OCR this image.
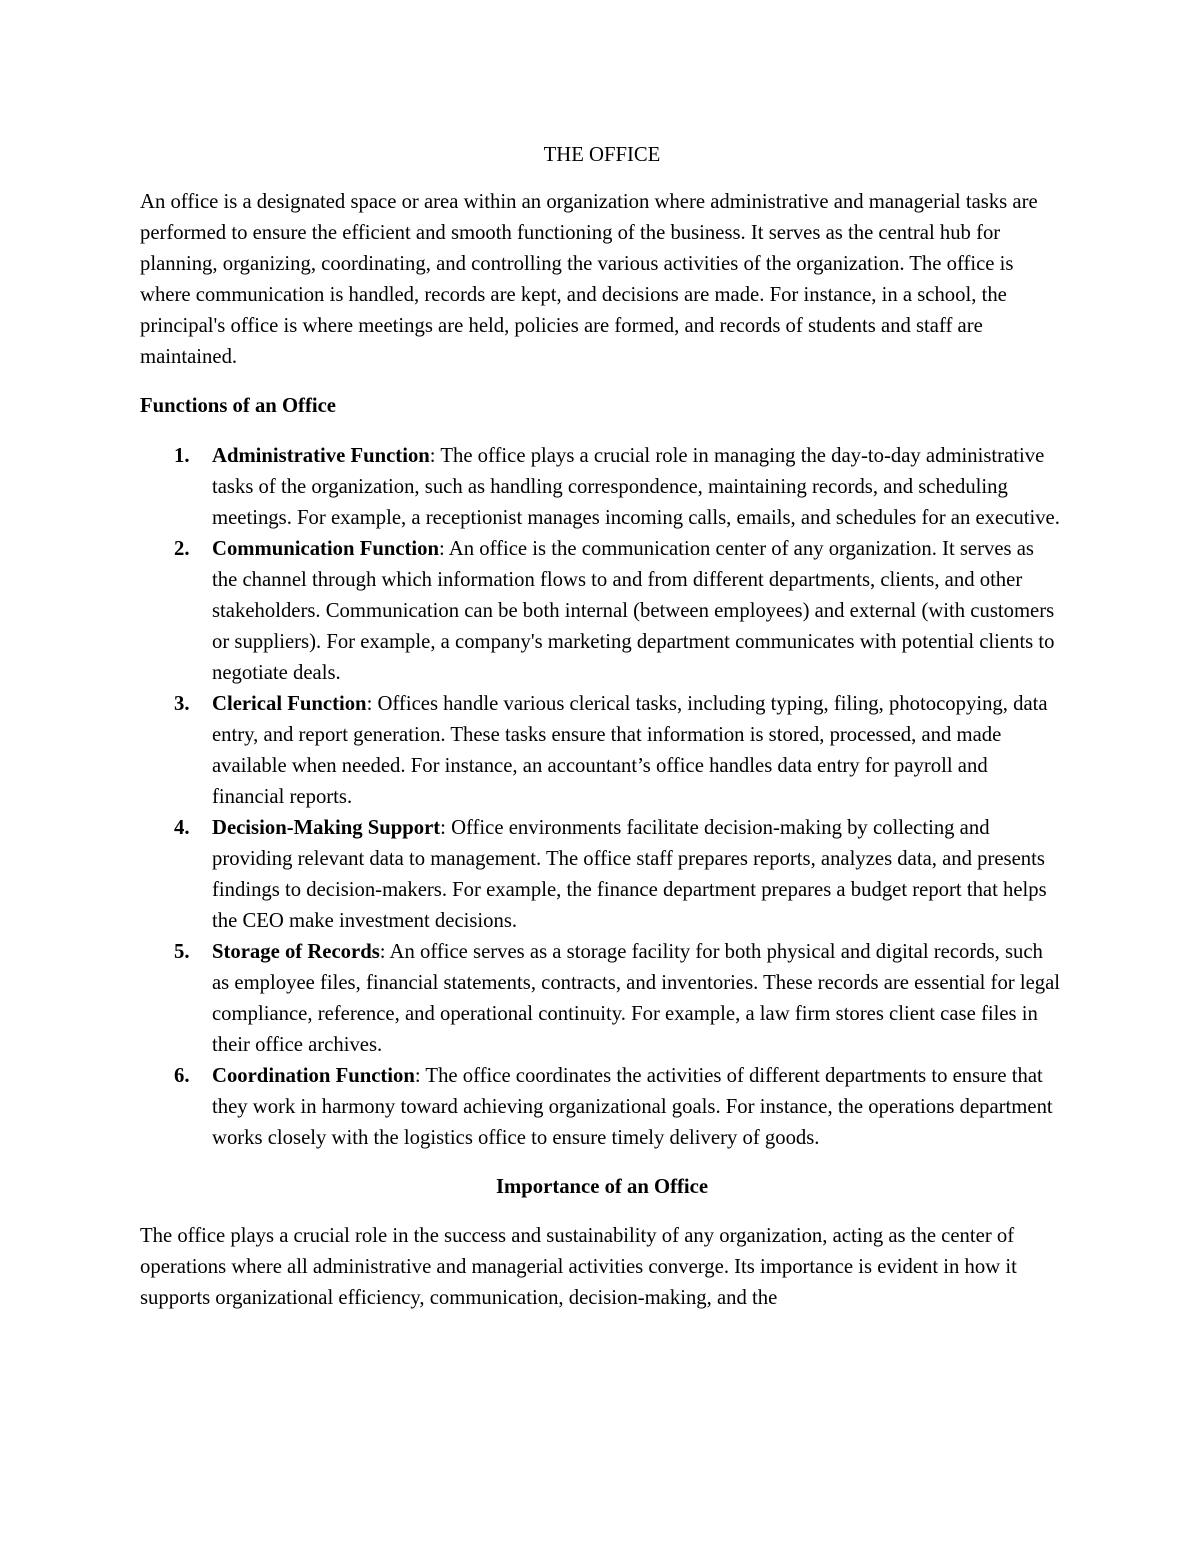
THE OFFICE

An office is a designated space or area within an organization where administrative and managerial tasks are performed to ensure the efficient and smooth functioning of the business. It serves as the central hub for planning, organizing, coordinating, and controlling the various activities of the organization. The office is where communication is handled, records are kept, and decisions are made. For instance, in a school, the principal's office is where meetings are held, policies are formed, and records of students and staff are maintained.

Functions of an Office
1. Administrative Function: The office plays a crucial role in managing the day-to-day administrative tasks of the organization, such as handling correspondence, maintaining records, and scheduling meetings. For example, a receptionist manages incoming calls, emails, and schedules for an executive.
2. Communication Function: An office is the communication center of any organization. It serves as the channel through which information flows to and from different departments, clients, and other stakeholders. Communication can be both internal (between employees) and external (with customers or suppliers). For example, a company's marketing department communicates with potential clients to negotiate deals.
3. Clerical Function: Offices handle various clerical tasks, including typing, filing, photocopying, data entry, and report generation. These tasks ensure that information is stored, processed, and made available when needed. For instance, an accountant’s office handles data entry for payroll and financial reports.
4. Decision-Making Support: Office environments facilitate decision-making by collecting and providing relevant data to management. The office staff prepares reports, analyzes data, and presents findings to decision-makers. For example, the finance department prepares a budget report that helps the CEO make investment decisions.
5. Storage of Records: An office serves as a storage facility for both physical and digital records, such as employee files, financial statements, contracts, and inventories. These records are essential for legal compliance, reference, and operational continuity. For example, a law firm stores client case files in their office archives.
6. Coordination Function: The office coordinates the activities of different departments to ensure that they work in harmony toward achieving organizational goals. For instance, the operations department works closely with the logistics office to ensure timely delivery of goods.
Importance of an Office

The office plays a crucial role in the success and sustainability of any organization, acting as the center of operations where all administrative and managerial activities converge. Its importance is evident in how it supports organizational efficiency, communication, decision-making, and the
